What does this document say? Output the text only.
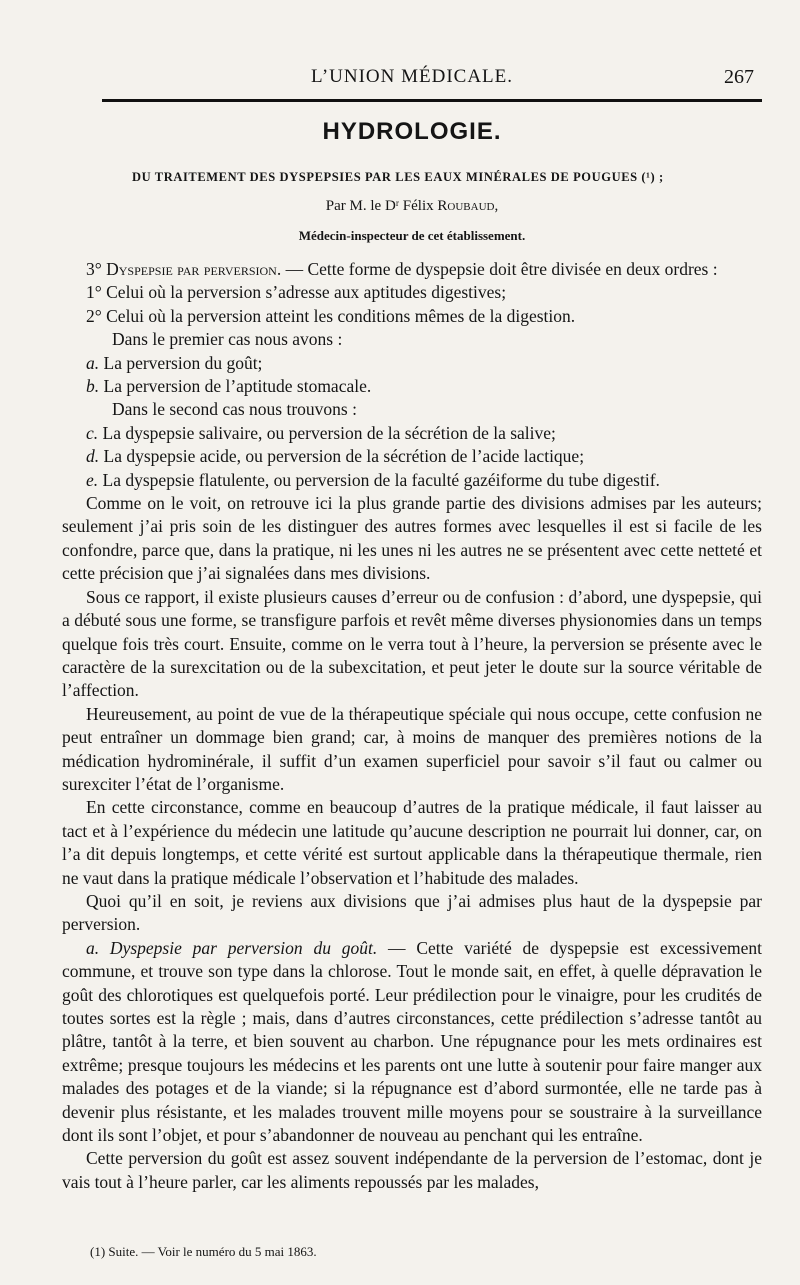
L’UNION MÉDICALE.	267
HYDROLOGIE.
DU TRAITEMENT DES DYSPEPSIES PAR LES EAUX MINÉRALES DE POUGUES (¹) ;
Par M. le Dʳ Félix Roubaud,
Médecin-inspecteur de cet établissement.

3° Dyspepsie par perversion. — Cette forme de dyspepsie doit être divisée en deux ordres :

1° Celui où la perversion s’adresse aux aptitudes digestives;

2° Celui où la perversion atteint les conditions mêmes de la digestion.

Dans le premier cas nous avons :

a. La perversion du goût;

b. La perversion de l’aptitude stomacale.

Dans le second cas nous trouvons :

c. La dyspepsie salivaire, ou perversion de la sécrétion de la salive;

d. La dyspepsie acide, ou perversion de la sécrétion de l’acide lactique;

e. La dyspepsie flatulente, ou perversion de la faculté gazéiforme du tube digestif.

Comme on le voit, on retrouve ici la plus grande partie des divisions admises par les auteurs; seulement j’ai pris soin de les distinguer des autres formes avec lesquelles il est si facile de les confondre, parce que, dans la pratique, ni les unes ni les autres ne se présentent avec cette netteté et cette précision que j’ai signalées dans mes divisions.

Sous ce rapport, il existe plusieurs causes d’erreur ou de confusion : d’abord, une dyspepsie, qui a débuté sous une forme, se transfigure parfois et revêt même diverses physionomies dans un temps quelque fois très court. Ensuite, comme on le verra tout à l’heure, la perversion se présente avec le caractère de la surexcitation ou de la subexcitation, et peut jeter le doute sur la source véritable de l’affection.

Heureusement, au point de vue de la thérapeutique spéciale qui nous occupe, cette confusion ne peut entraîner un dommage bien grand; car, à moins de manquer des premières notions de la médication hydrominérale, il suffit d’un examen superficiel pour savoir s’il faut ou calmer ou surexciter l’état de l’organisme.

En cette circonstance, comme en beaucoup d’autres de la pratique médicale, il faut laisser au tact et à l’expérience du médecin une latitude qu’aucune description ne pourrait lui donner, car, on l’a dit depuis longtemps, et cette vérité est surtout applicable dans la thérapeutique thermale, rien ne vaut dans la pratique médicale l’observation et l’habitude des malades.

Quoi qu’il en soit, je reviens aux divisions que j’ai admises plus haut de la dyspepsie par perversion.

a. Dyspepsie par perversion du goût. — Cette variété de dyspepsie est excessivement commune, et trouve son type dans la chlorose. Tout le monde sait, en effet, à quelle dépravation le goût des chlorotiques est quelquefois porté. Leur prédilection pour le vinaigre, pour les crudités de toutes sortes est la règle ; mais, dans d’autres circonstances, cette prédilection s’adresse tantôt au plâtre, tantôt à la terre, et bien souvent au charbon. Une répugnance pour les mets ordinaires est extrême; presque toujours les médecins et les parents ont une lutte à soutenir pour faire manger aux malades des potages et de la viande; si la répugnance est d’abord surmontée, elle ne tarde pas à devenir plus résistante, et les malades trouvent mille moyens pour se soustraire à la surveillance dont ils sont l’objet, et pour s’abandonner de nouveau au penchant qui les entraîne.

Cette perversion du goût est assez souvent indépendante de la perversion de l’estomac, dont je vais tout à l’heure parler, car les aliments repoussés par les malades,

(1) Suite. — Voir le numéro du 5 mai 1863.
